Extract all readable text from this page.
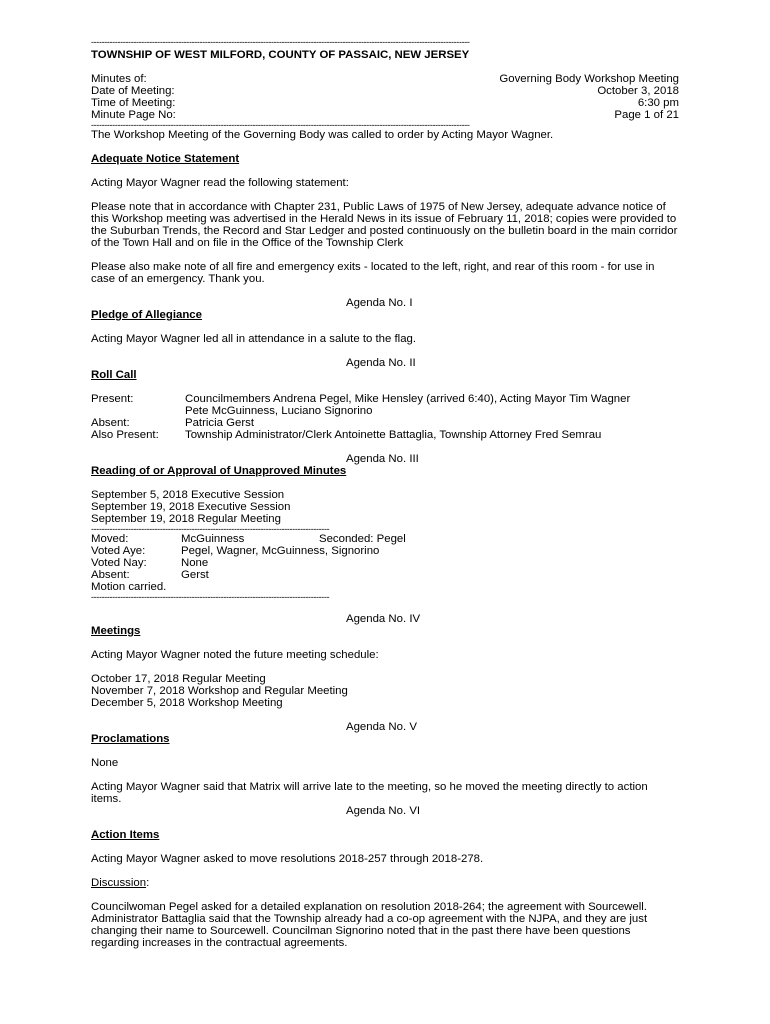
-----------------------------------------------------------------------------------------------------------------------------------------------
TOWNSHIP OF WEST MILFORD, COUNTY OF PASSAIC, NEW JERSEY
Minutes of:	Governing Body Workshop Meeting
Date of Meeting:	October 3, 2018
Time of Meeting:	6:30 pm
Minute Page No:	Page 1 of 21
-----------------------------------------------------------------------------------------------------------------------------------------------

The Workshop Meeting of the Governing Body was called to order by Acting Mayor Wagner.

Adequate Notice Statement

Acting Mayor Wagner read the following statement:

Please note that in accordance with Chapter 231, Public Laws of 1975 of New Jersey, adequate advance notice of this Workshop meeting was advertised in the Herald News in its issue of February 11, 2018; copies were provided to the Suburban Trends, the Record and Star Ledger and posted continuously on the bulletin board in the main corridor of the Town Hall and on file in the Office of the Township Clerk

Please also make note of all fire and emergency exits - located to the left, right, and rear of this room - for use in case of an emergency. Thank you.

Agenda No. I

Pledge of Allegiance

Acting Mayor Wagner led all in attendance in a salute to the flag.

Agenda No. II

Roll Call

Present:	Councilmembers Andrena Pegel, Mike Hensley (arrived 6:40), Acting Mayor Tim Wagner
Pete McGuinness, Luciano Signorino
Absent:	Patricia Gerst
Also Present:	Township Administrator/Clerk Antoinette Battaglia, Township Attorney Fred Semrau

Agenda No. III

Reading of or Approval of Unapproved Minutes

September 5, 2018 Executive Session

September 19, 2018 Executive Session

September 19, 2018 Regular Meeting

------------------------------------------------------------------------------------------
Moved:	McGuinness	Seconded: Pegel
Voted Aye:	Pegel, Wagner, McGuinness, Signorino
Voted Nay:	None
Absent:	Gerst

Motion carried.

------------------------------------------------------------------------------------------

Agenda No. IV

Meetings

Acting Mayor Wagner noted the future meeting schedule:

October 17, 2018 Regular Meeting

November 7, 2018 Workshop and Regular Meeting

December 5, 2018 Workshop Meeting

Agenda No. V

Proclamations

None

Acting Mayor Wagner said that Matrix will arrive late to the meeting, so he moved the meeting directly to action items.

Agenda No. VI

Action Items

Acting Mayor Wagner asked to move resolutions 2018-257 through 2018-278.

Discussion:

Councilwoman Pegel asked for a detailed explanation on resolution 2018-264; the agreement with Sourcewell. Administrator Battaglia said that the Township already had a co-op agreement with the NJPA, and they are just changing their name to Sourcewell. Councilman Signorino noted that in the past there have been questions regarding increases in the contractual agreements.
